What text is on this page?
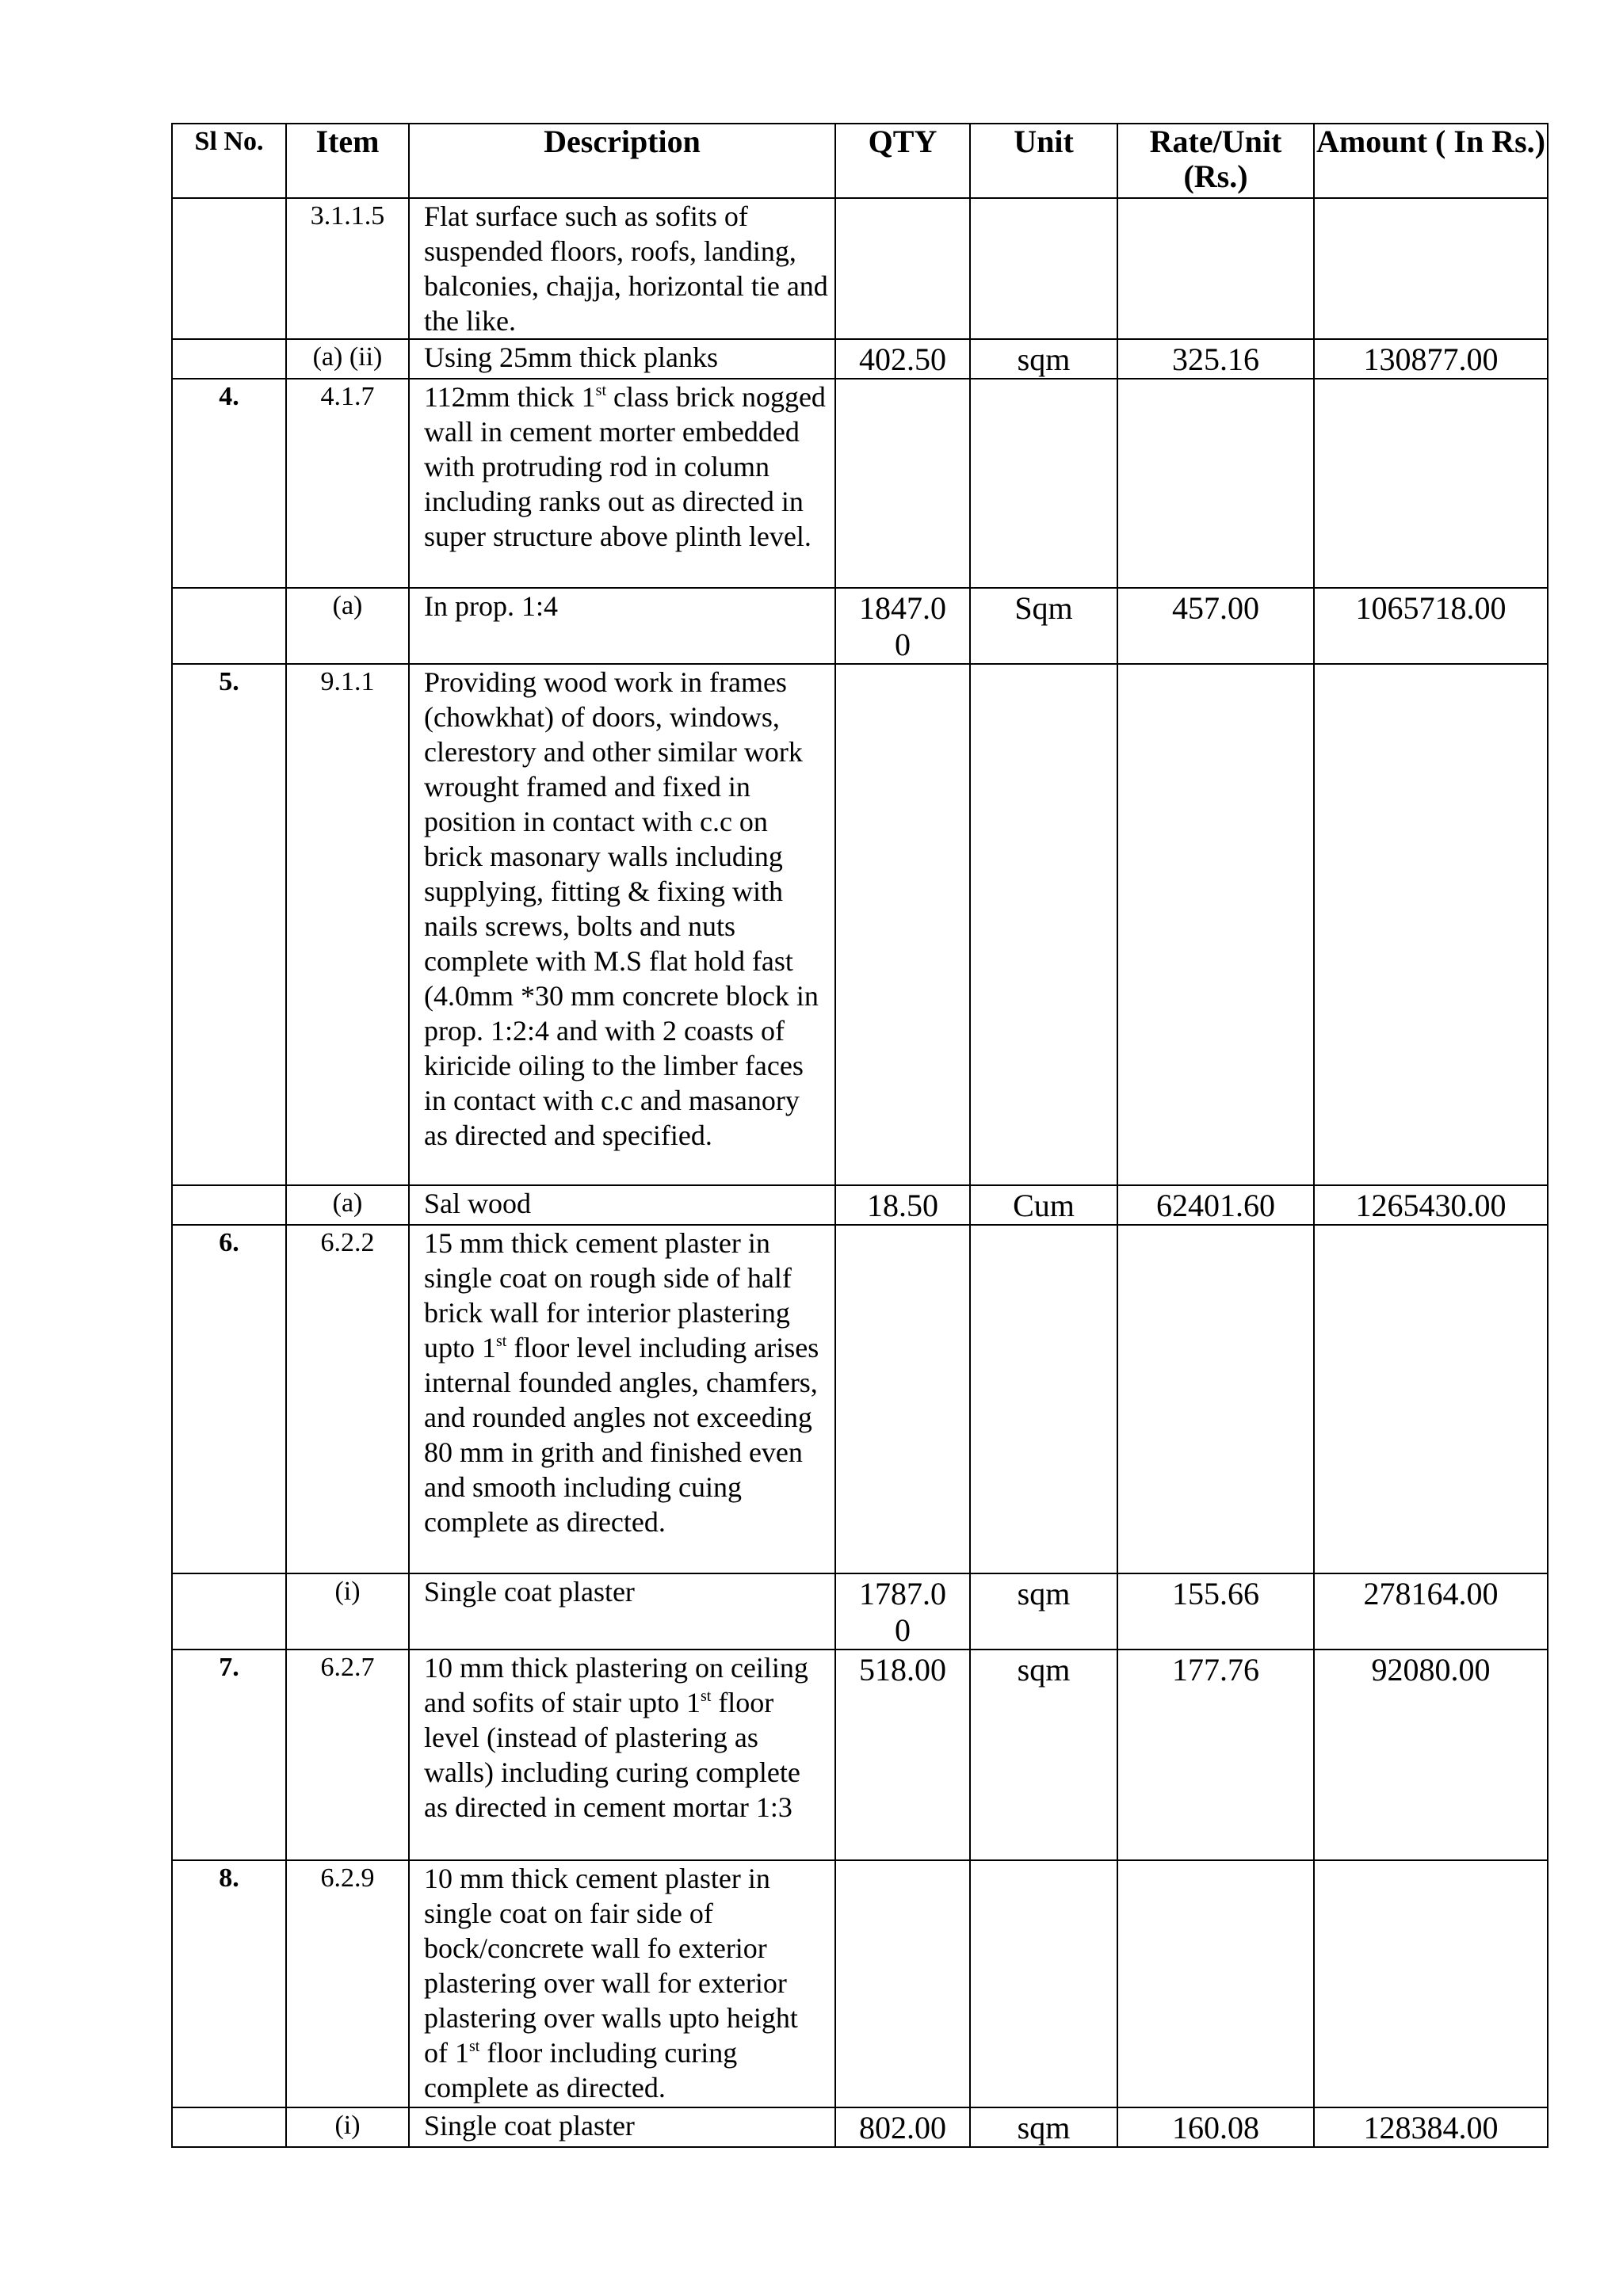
Sl No.	Item	Description	QTY	Unit	Rate/Unit (Rs.)	Amount ( In Rs.)
	3.1.1.5	Flat surface such as sofits of suspended floors, roofs, landing, balconies, chajja, horizontal tie and the like.				
	(a) (ii)	Using 25mm thick planks	402.50	sqm	325.16	130877.00
4.	4.1.7	112mm thick 1st class brick nogged wall in cement morter embedded with protruding rod in column including ranks out as directed in super structure above plinth level.				
	(a)	In prop. 1:4	1847.00	Sqm	457.00	1065718.00
5.	9.1.1	Providing wood work in frames (chowkhat) of doors, windows, clerestory and other similar work wrought framed and fixed in position in contact with c.c on brick masonary walls including supplying, fitting & fixing with nails screws, bolts and nuts complete with M.S flat hold fast (4.0mm *30 mm concrete block in prop. 1:2:4 and with 2 coasts of kiricide oiling to the limber faces in contact with c.c and masanory as directed and specified.				
	(a)	Sal wood	18.50	Cum	62401.60	1265430.00
6.	6.2.2	15 mm thick cement plaster in single coat on rough side of half brick wall for interior plastering upto 1st floor level including arises internal founded angles, chamfers, and rounded angles not exceeding 80 mm in grith and finished even and smooth including cuing complete as directed.				
	(i)	Single coat plaster	1787.00	sqm	155.66	278164.00
7.	6.2.7	10 mm thick plastering on ceiling and sofits of stair upto 1st floor level (instead of plastering as walls) including curing complete as directed in cement mortar 1:3	518.00	sqm	177.76	92080.00
8.	6.2.9	10 mm thick cement plaster in single coat on fair side of bock/concrete wall fo exterior plastering over wall for exterior plastering over walls upto height of 1st floor including curing complete as directed.				
	(i)	Single coat plaster	802.00	sqm	160.08	128384.00
